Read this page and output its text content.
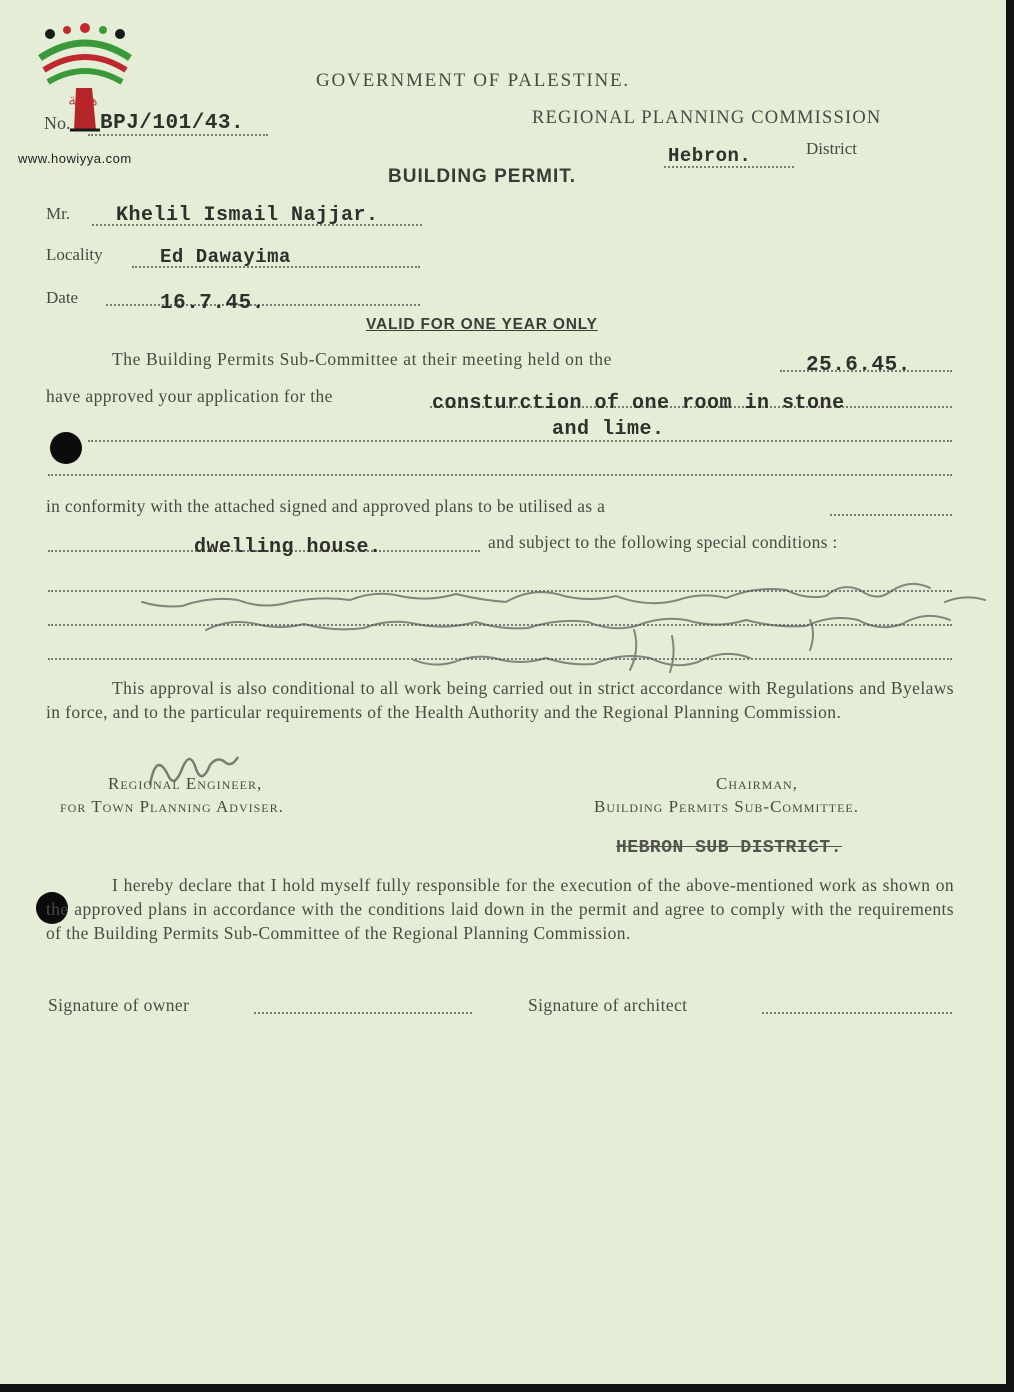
هوية
www.howiyya.com
GOVERNMENT OF PALESTINE.
REGIONAL PLANNING COMMISSION
No. BPJ/101/43.
Hebron.	District
BUILDING PERMIT.
Mr. Khelil Ismail Najjar.
Locality	Ed Dawayima
Date	16.7.45.
VALID FOR ONE YEAR ONLY
The Building Permits Sub-Committee at their meeting held on the	25.6.45.
have approved your application for the	consturction of one room in stone
and lime.
in conformity with the attached signed and approved plans to be utilised as a
dwelling house.	and subject to the following special conditions :
This approval is also conditional to all work being carried out in strict accordance with Regulations and Byelaws in force, and to the particular requirements of the Health Authority and the Regional Planning Commission.
Regional Engineer,
for Town Planning Adviser.
Chairman,
Building Permits Sub-Committee.
HEBRON SUB DISTRICT.
I hereby declare that I hold myself fully responsible for the execution of the above-mentioned work as shown on the approved plans in accordance with the conditions laid down in the permit and agree to comply with the requirements of the Building Permits Sub-Committee of the Regional Planning Commission.
Signature of owner	Signature of architect
